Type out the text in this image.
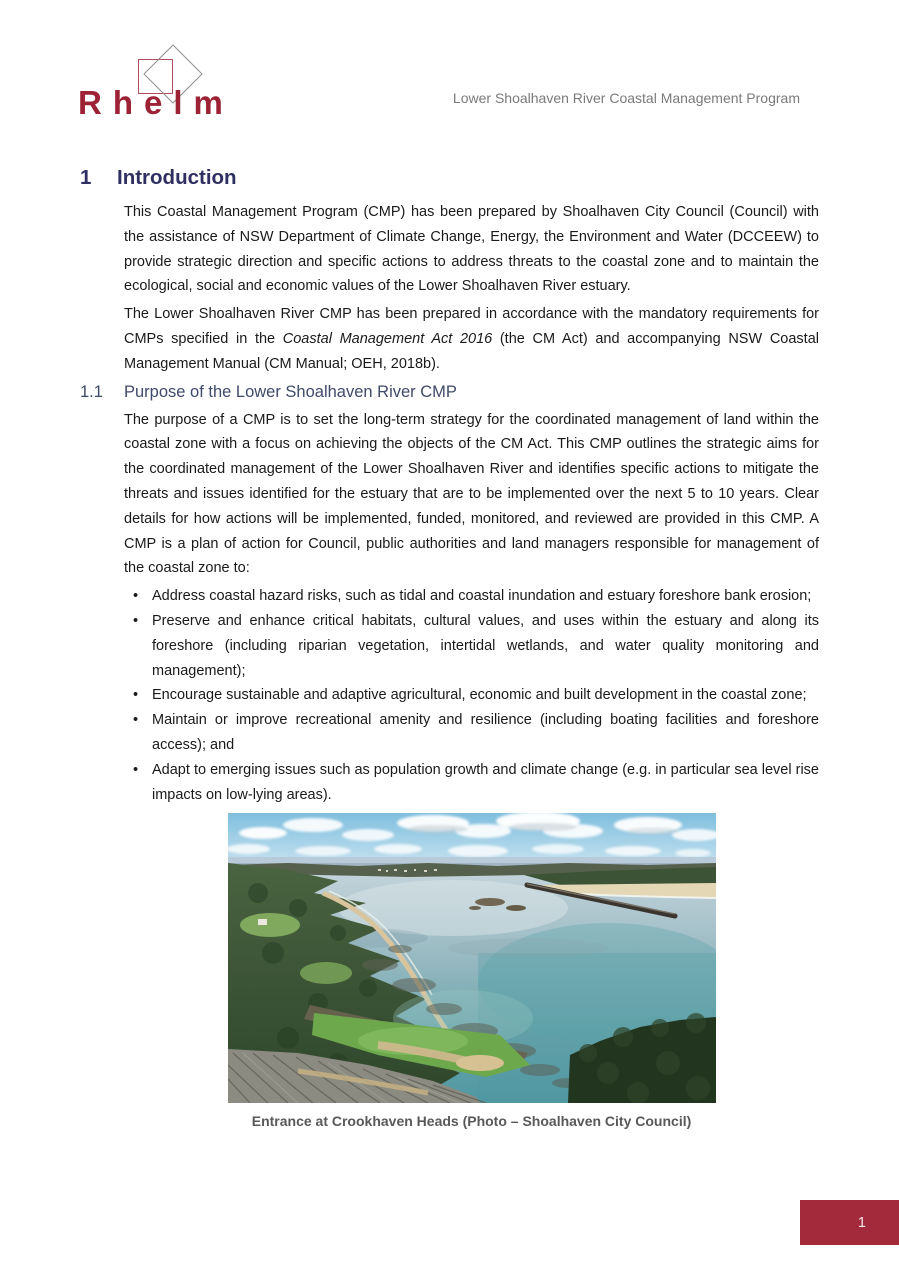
Rhelm	Lower Shoalhaven River Coastal Management Program
1 Introduction

This Coastal Management Program (CMP) has been prepared by Shoalhaven City Council (Council) with the assistance of NSW Department of Climate Change, Energy, the Environment and Water (DCCEEW) to provide strategic direction and specific actions to address threats to the coastal zone and to maintain the ecological, social and economic values of the Lower Shoalhaven River estuary.

The Lower Shoalhaven River CMP has been prepared in accordance with the mandatory requirements for CMPs specified in the Coastal Management Act 2016 (the CM Act) and accompanying NSW Coastal Management Manual (CM Manual; OEH, 2018b).

1.1 Purpose of the Lower Shoalhaven River CMP

The purpose of a CMP is to set the long-term strategy for the coordinated management of land within the coastal zone with a focus on achieving the objects of the CM Act. This CMP outlines the strategic aims for the coordinated management of the Lower Shoalhaven River and identifies specific actions to mitigate the threats and issues identified for the estuary that are to be implemented over the next 5 to 10 years. Clear details for how actions will be implemented, funded, monitored, and reviewed are provided in this CMP. A CMP is a plan of action for Council, public authorities and land managers responsible for management of the coastal zone to:

• Address coastal hazard risks, such as tidal and coastal inundation and estuary foreshore bank erosion;
• Preserve and enhance critical habitats, cultural values, and uses within the estuary and along its foreshore (including riparian vegetation, intertidal wetlands, and water quality monitoring and management);
• Encourage sustainable and adaptive agricultural, economic and built development in the coastal zone;
• Maintain or improve recreational amenity and resilience (including boating facilities and foreshore access); and
• Adapt to emerging issues such as population growth and climate change (e.g. in particular sea level rise impacts on low-lying areas).
Entrance at Crookhaven Heads (Photo – Shoalhaven City Council)
1
